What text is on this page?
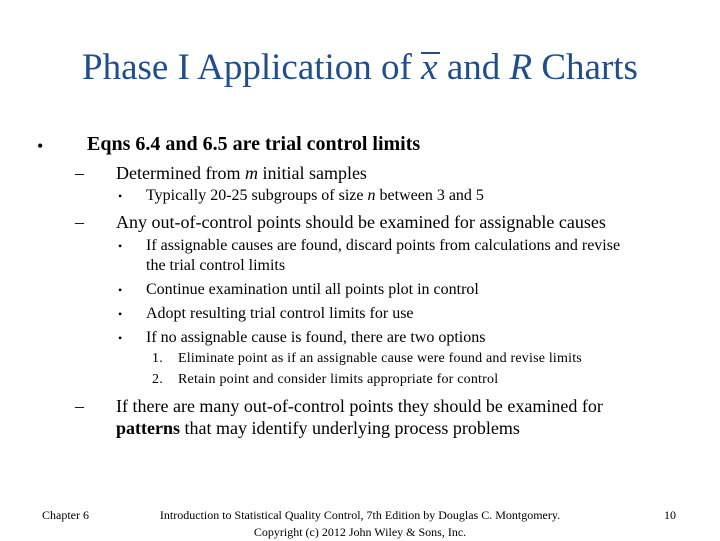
Phase I Application of x and R Charts
• Eqns 6.4 and 6.5 are trial control limits
– Determined from m initial samples
• Typically 20-25 subgroups of size n between 3 and 5
– Any out-of-control points should be examined for assignable causes
• If assignable causes are found, discard points from calculations and revise
the trial control limits
• Continue examination until all points plot in control
• Adopt resulting trial control limits for use
• If no assignable cause is found, there are two options
1. Eliminate point as if an assignable cause were found and revise limits
2. Retain point and consider limits appropriate for control
– If there are many out-of-control points they should be examined for
patterns that may identify underlying process problems
Chapter 6	Introduction to Statistical Quality Control, 7th Edition by Douglas C. Montgomery.
Copyright (c) 2012 John Wiley & Sons, Inc.
10
